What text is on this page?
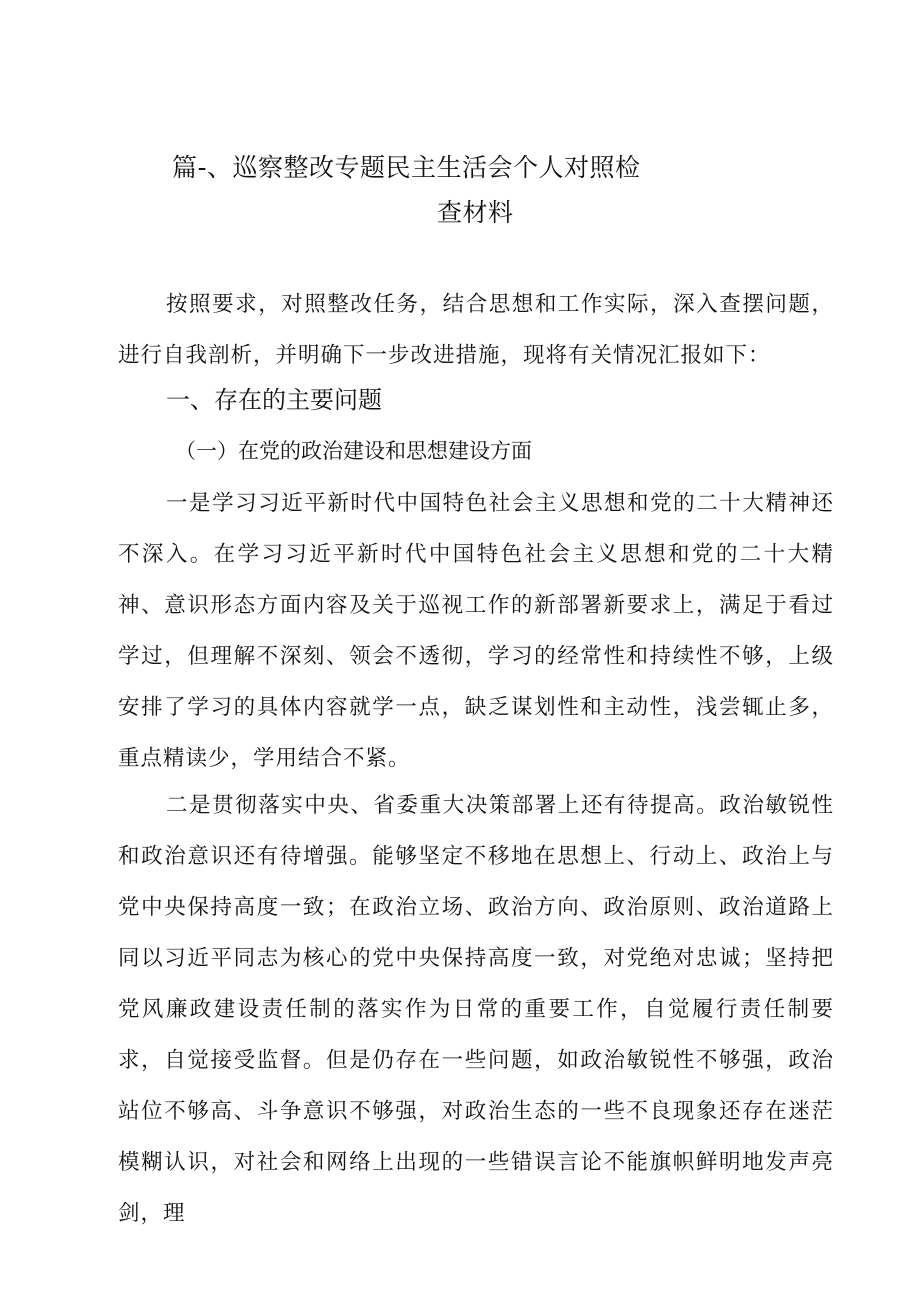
篇-、巡察整改专题民主生活会个人对照检
查材料

按照要求，对照整改任务，结合思想和工作实际，深入查摆问题，进行自我剖析，并明确下一步改进措施，现将有关情况汇报如下：

一、存在的主要问题
（一）在党的政治建设和思想建设方面

一是学习习近平新时代中国特色社会主义思想和党的二十大精神还不深入。在学习习近平新时代中国特色社会主义思想和党的二十大精神、意识形态方面内容及关于巡视工作的新部署新要求上，满足于看过学过，但理解不深刻、领会不透彻，学习的经常性和持续性不够，上级安排了学习的具体内容就学一点，缺乏谋划性和主动性，浅尝辄止多，重点精读少，学用结合不紧。

二是贯彻落实中央、省委重大决策部署上还有待提高。政治敏锐性和政治意识还有待增强。能够坚定不移地在思想上、行动上、政治上与党中央保持高度一致；在政治立场、政治方向、政治原则、政治道路上同以习近平同志为核心的党中央保持高度一致，对党绝对忠诚；坚持把党风廉政建设责任制的落实作为日常的重要工作，自觉履行责任制要求，自觉接受监督。但是仍存在一些问题，如政治敏锐性不够强，政治站位不够高、斗争意识不够强，对政治生态的一些不良现象还存在迷茫模糊认识，对社会和网络上出现的一些错误言论不能旗帜鲜明地发声亮剑，理
